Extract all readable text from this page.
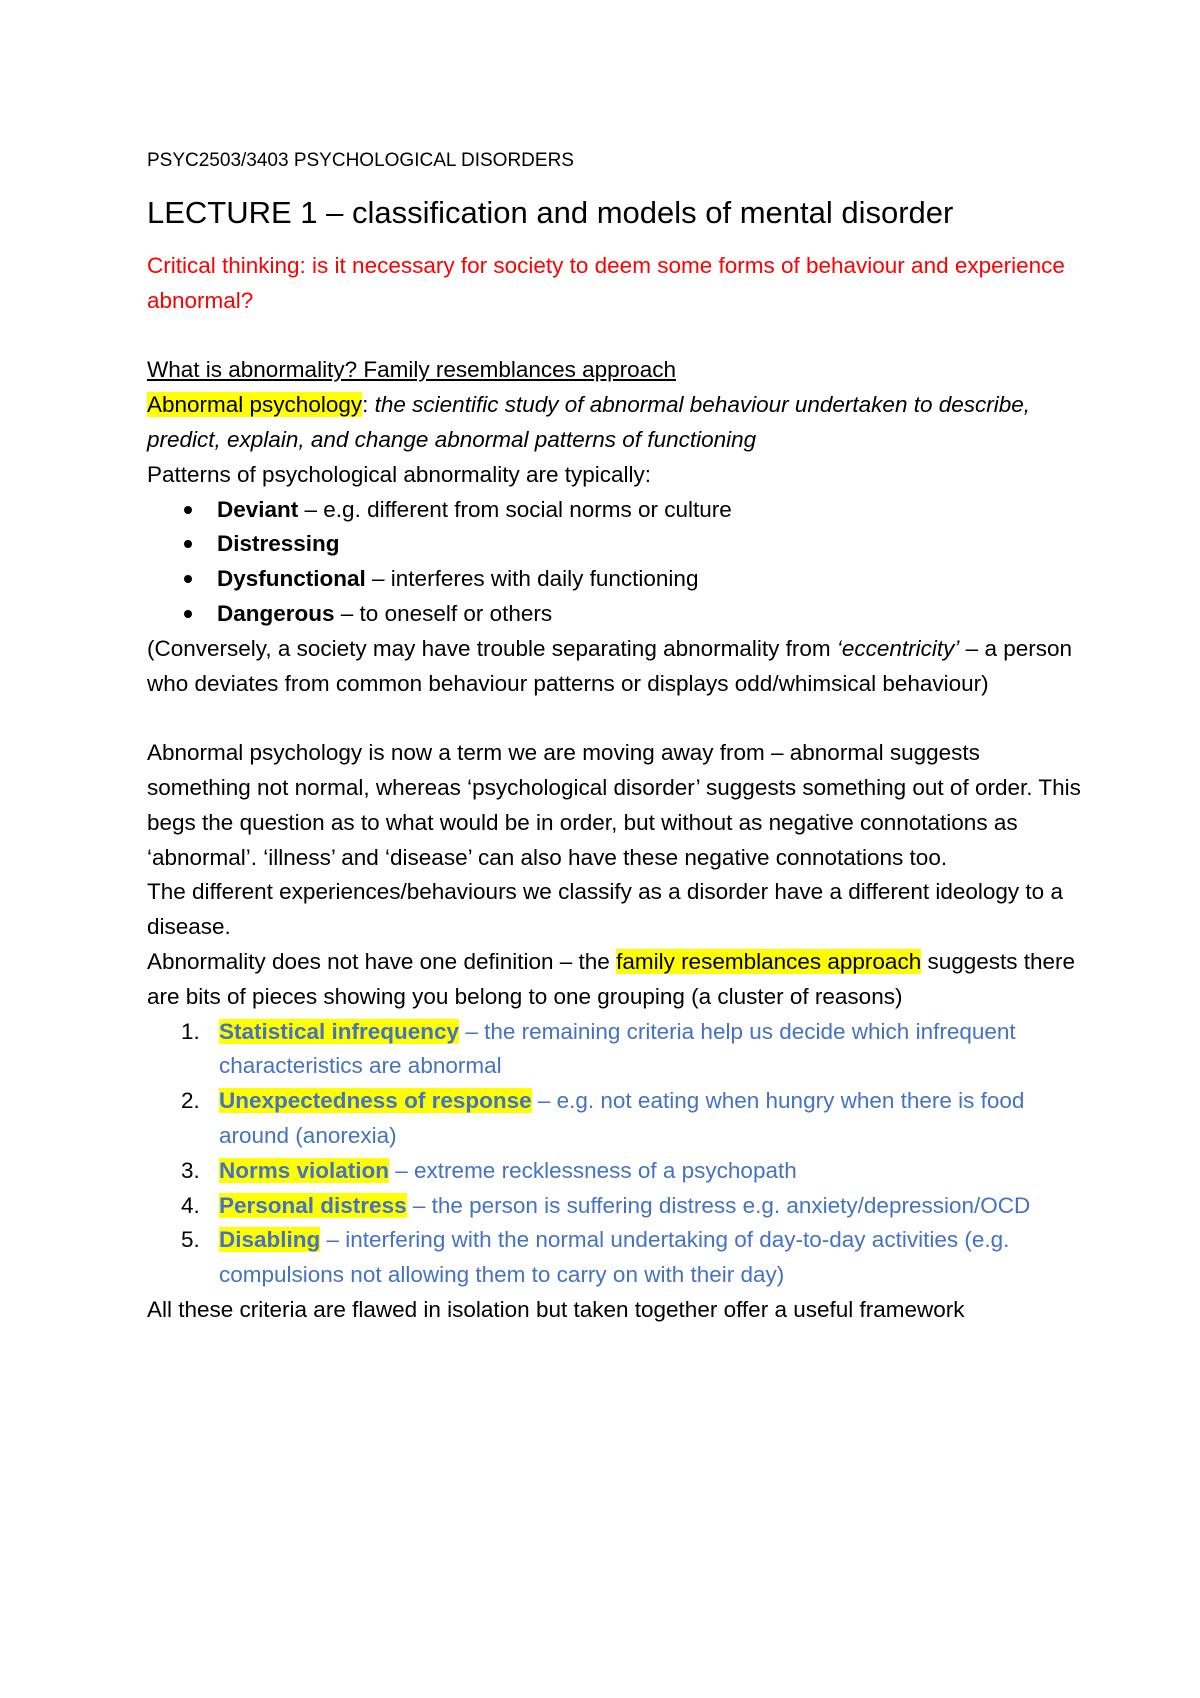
PSYC2503/3403 PSYCHOLOGICAL DISORDERS

LECTURE 1 – classification and models of mental disorder

Critical thinking: is it necessary for society to deem some forms of behaviour and experience abnormal?

What is abnormality? Family resemblances approach

Abnormal psychology: the scientific study of abnormal behaviour undertaken to describe, predict, explain, and change abnormal patterns of functioning

Patterns of psychological abnormality are typically:

Deviant – e.g. different from social norms or culture
Distressing
Dysfunctional – interferes with daily functioning
Dangerous – to oneself or others

(Conversely, a society may have trouble separating abnormality from ‘eccentricity’ – a person who deviates from common behaviour patterns or displays odd/whimsical behaviour)

Abnormal psychology is now a term we are moving away from – abnormal suggests something not normal, whereas ‘psychological disorder’ suggests something out of order. This begs the question as to what would be in order, but without as negative connotations as ‘abnormal’. ‘illness’ and ‘disease’ can also have these negative connotations too.

The different experiences/behaviours we classify as a disorder have a different ideology to a disease.

Abnormality does not have one definition – the family resemblances approach suggests there are bits of pieces showing you belong to one grouping (a cluster of reasons)

1. Statistical infrequency – the remaining criteria help us decide which infrequent characteristics are abnormal
2. Unexpectedness of response – e.g. not eating when hungry when there is food around (anorexia)
3. Norms violation – extreme recklessness of a psychopath
4. Personal distress – the person is suffering distress e.g. anxiety/depression/OCD
5. Disabling – interfering with the normal undertaking of day-to-day activities (e.g. compulsions not allowing them to carry on with their day)

All these criteria are flawed in isolation but taken together offer a useful framework
